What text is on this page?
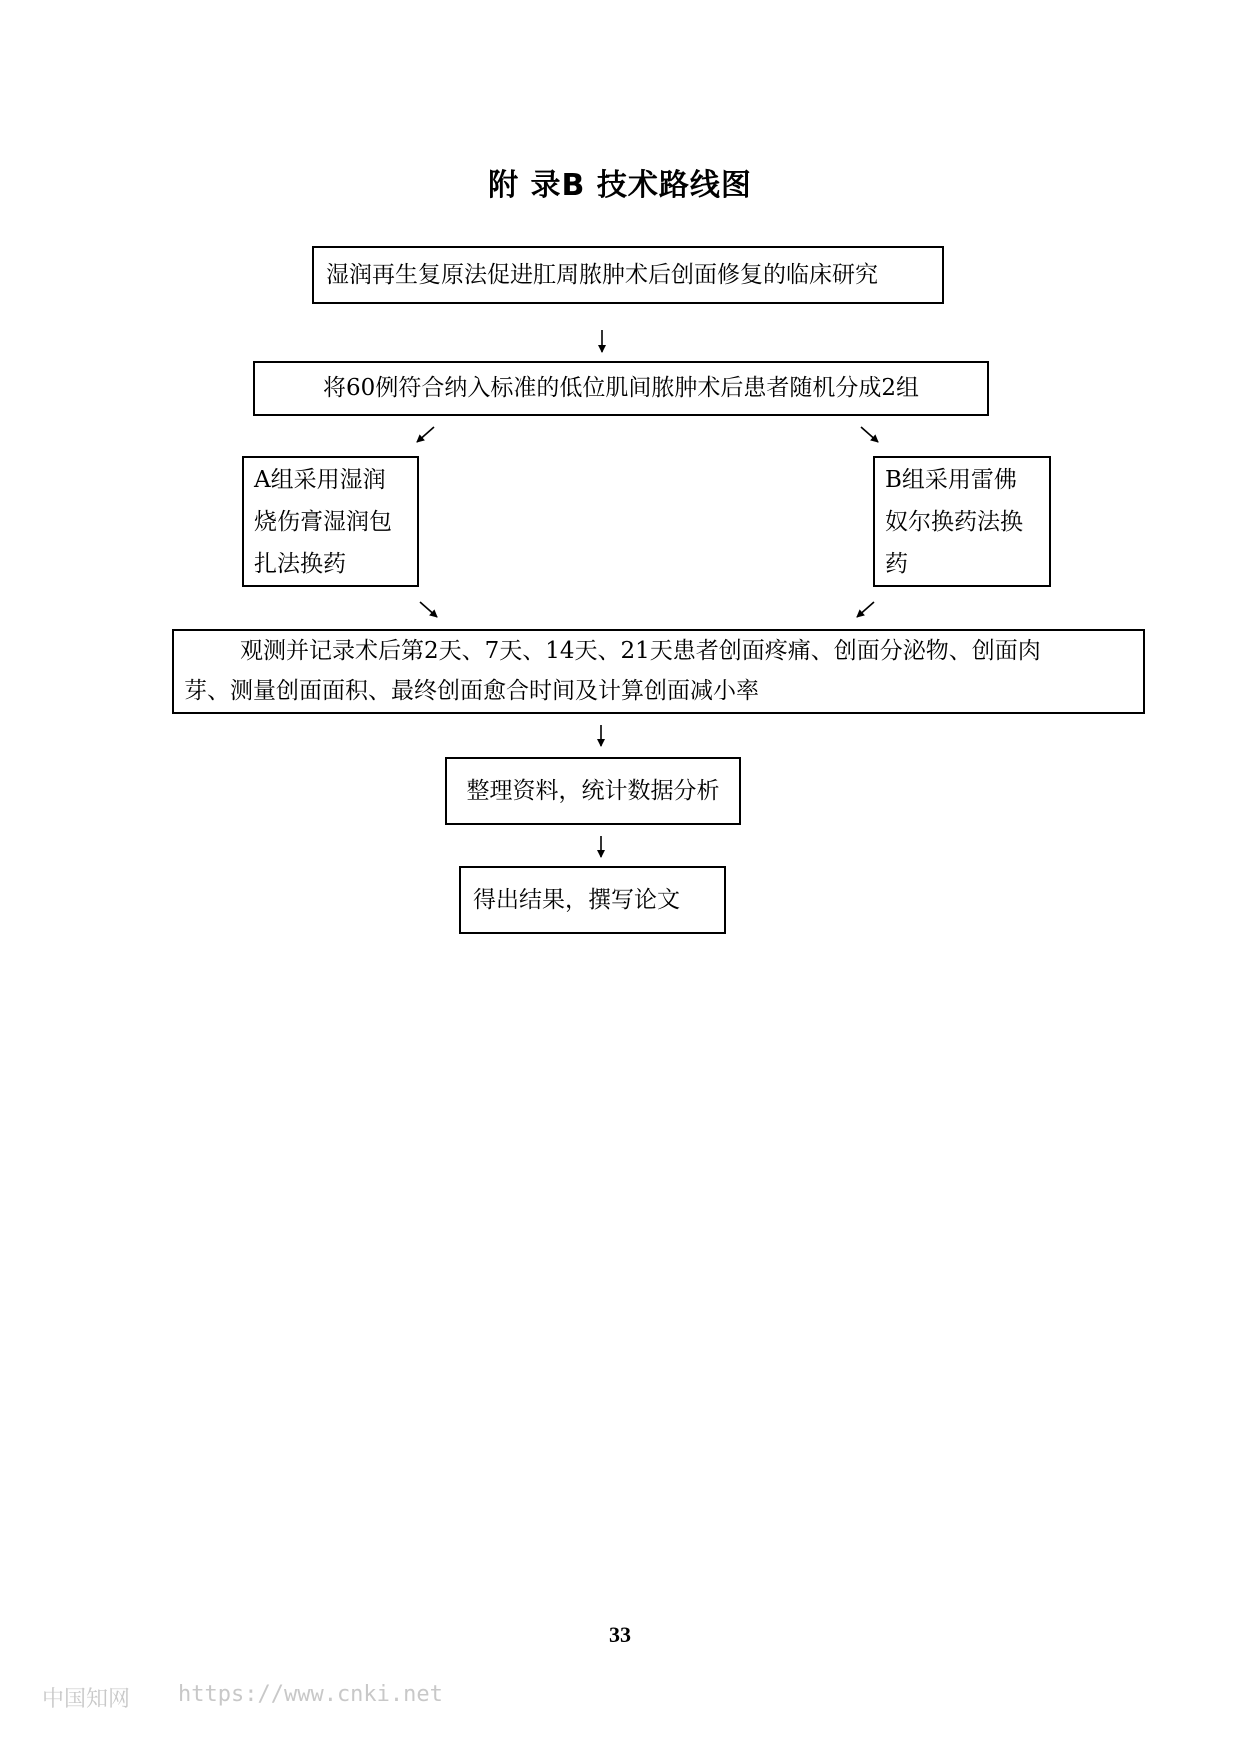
附 录B 技术路线图
湿润再生复原法促进肛周脓肿术后创面修复的临床研究
将60例符合纳入标准的低位肌间脓肿术后患者随机分成2组
A组采用湿润
烧伤膏湿润包
扎法换药
B组采用雷佛
奴尔换药法换
药
观测并记录术后第2天、7天、14天、21天患者创面疼痛、创面分泌物、创面肉
芽、测量创面面积、最终创面愈合时间及计算创面减小率
整理资料，统计数据分析
得出结果，撰写论文
33
中国知网 https://www.cnki.net
